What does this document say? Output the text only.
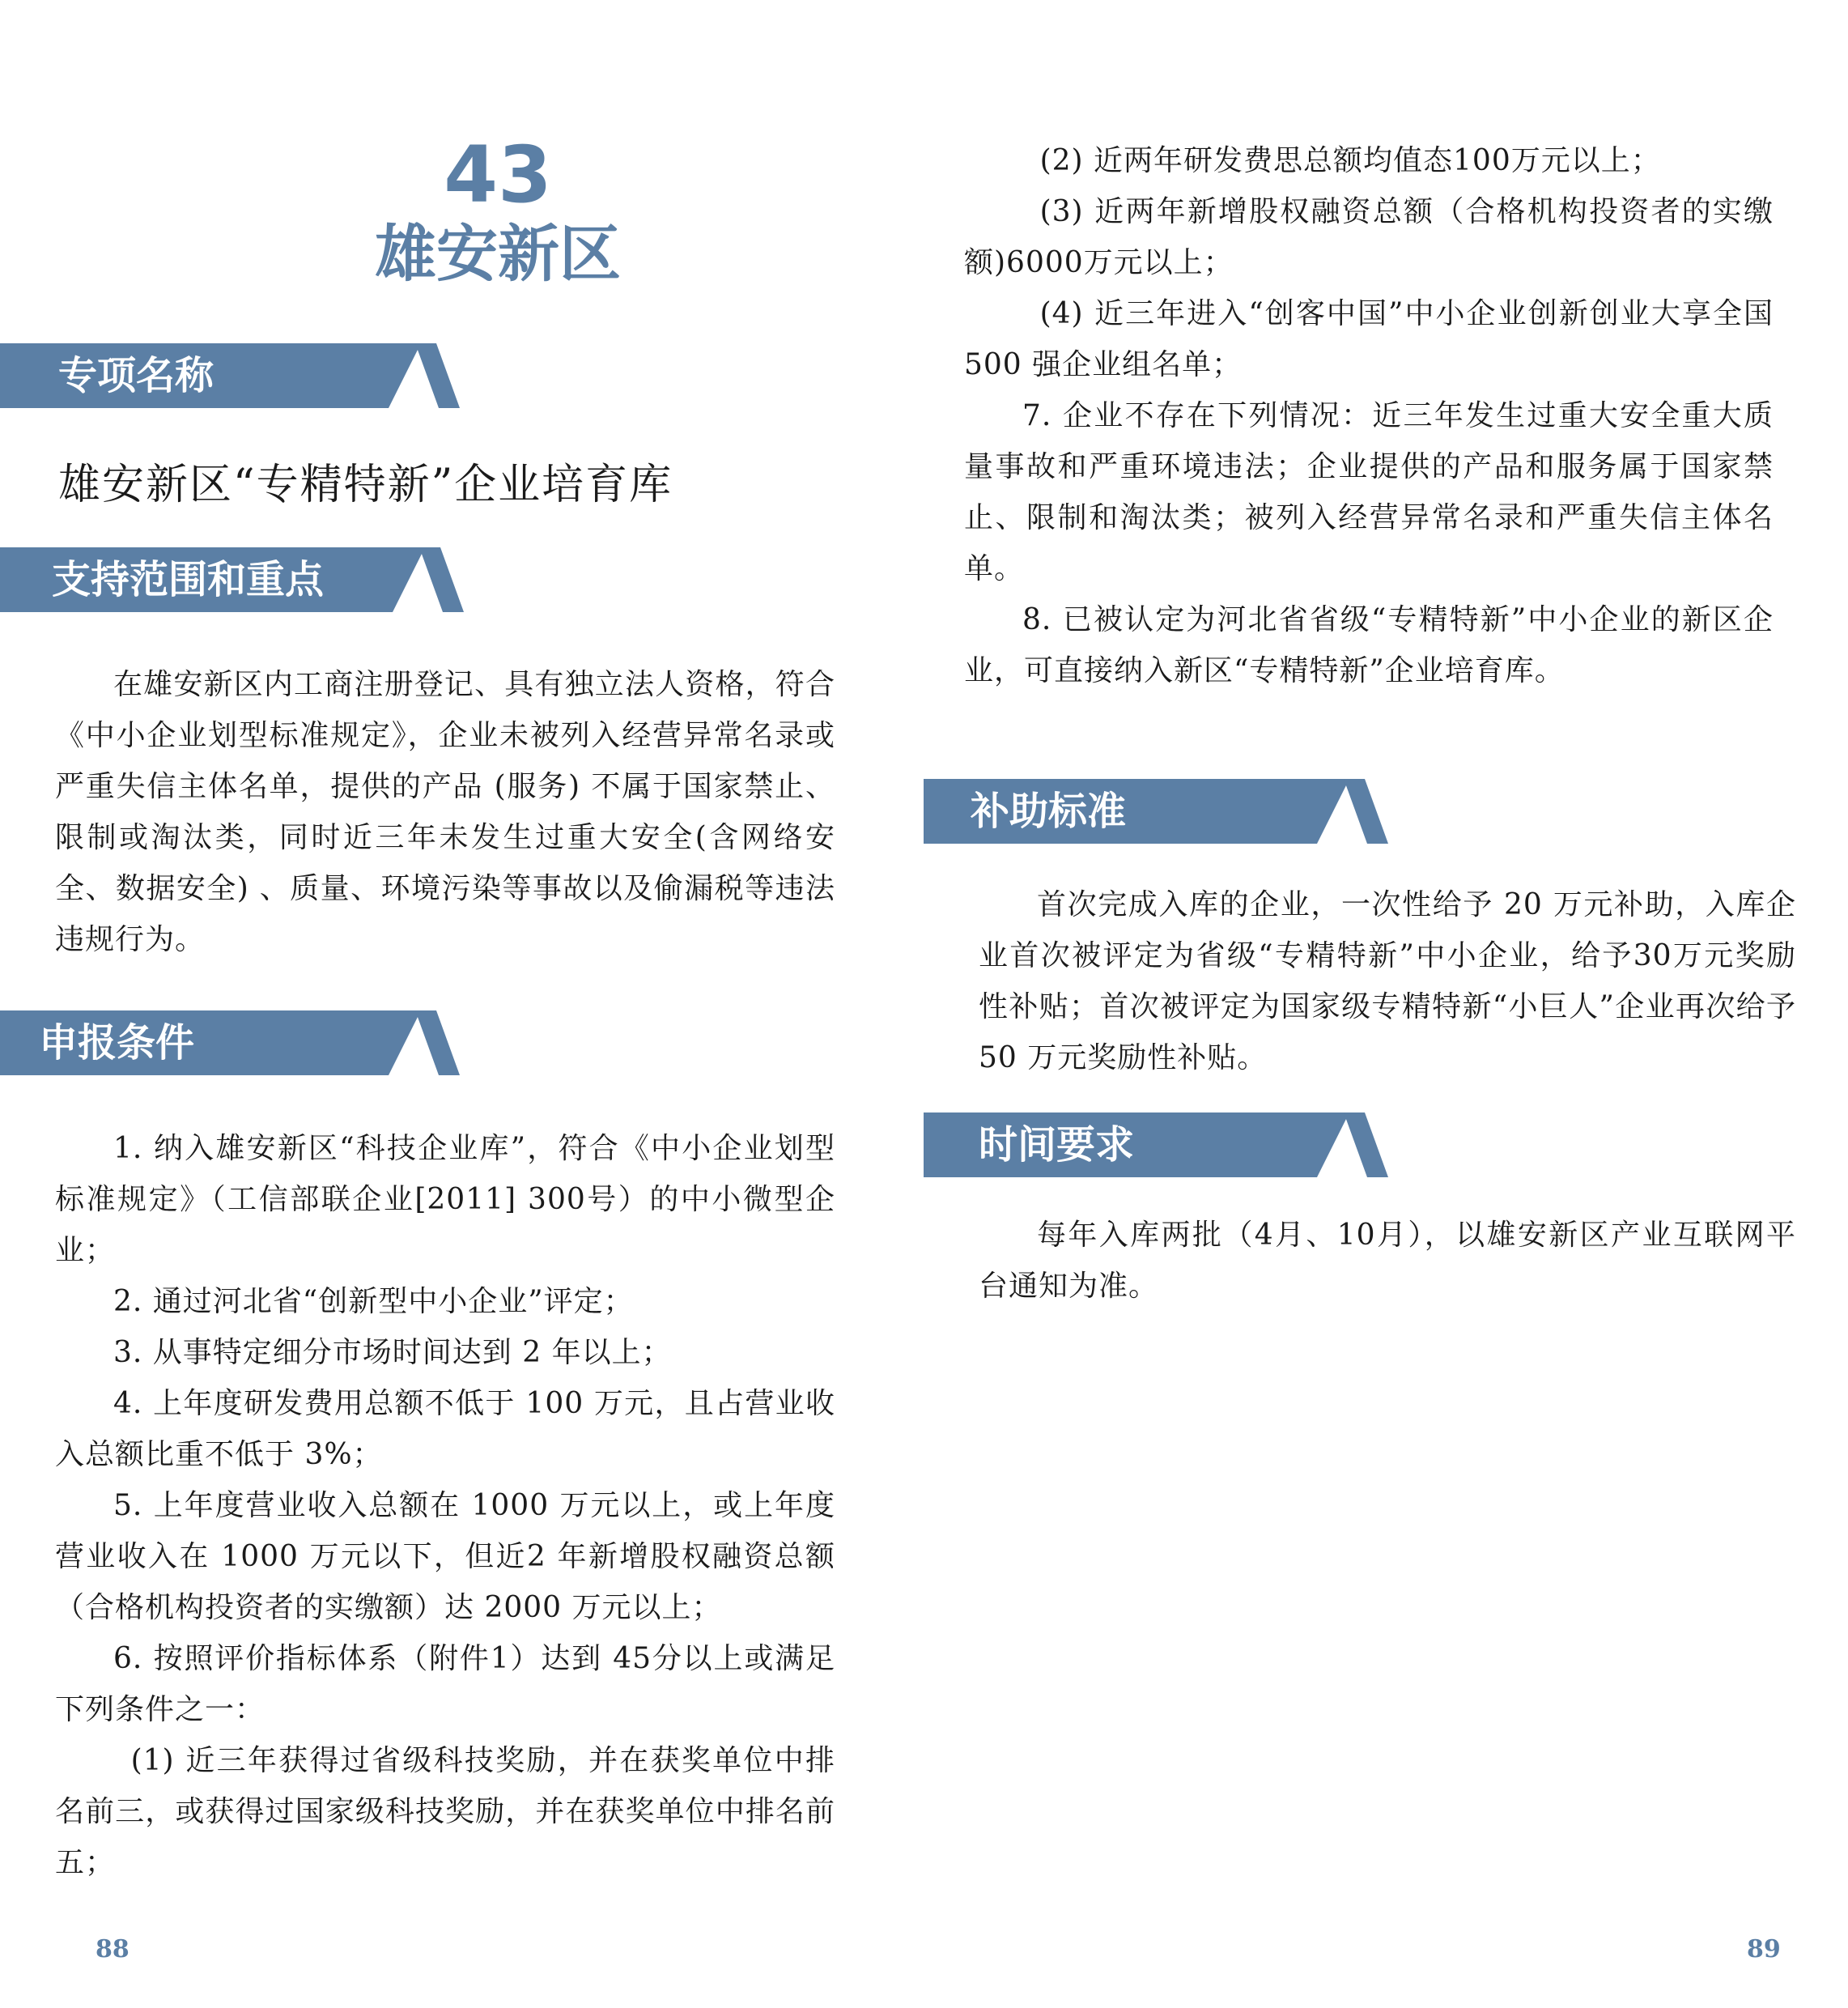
43
雄安新区
专项名称
雄安新区“专精特新”企业培育库
支持范围和重点

在雄安新区内工商注册登记、具有独立法人资格，符合《中小企业划型标准规定》，企业未被列入经营异常名录或严重失信主体名单，提供的产品 (服务) 不属于国家禁止、限制或淘汰类，同时近三年未发生过重大安全(含网络安全、数据安全) 、质量、环境污染等事故以及偷漏税等违法违规行为。

申报条件

1. 纳入雄安新区“科技企业库”，符合《中小企业划型标准规定》（工信部联企业[2011] 300号）的中小微型企业；

2. 通过河北省“创新型中小企业”评定；

3. 从事特定细分市场时间达到 2 年以上；

4. 上年度研发费用总额不低于 100 万元，且占营业收入总额比重不低于 3%；

5. 上年度营业收入总额在 1000 万元以上，或上年度营业收入在 1000 万元以下，但近2 年新增股权融资总额（合格机构投资者的实缴额）达 2000 万元以上；

6. 按照评价指标体系（附件1）达到 45分以上或满足下列条件之一：

(1) 近三年获得过省级科技奖励，并在获奖单位中排名前三，或获得过国家级科技奖励，并在获奖单位中排名前五；

88

(2) 近两年研发费思总额均值态100万元以上；

(3) 近两年新增股权融资总额（合格机构投资者的实缴额)6000万元以上；

(4) 近三年进入“创客中国”中小企业创新创业大享全国 500 强企业组名单；

7. 企业不存在下列情况：近三年发生过重大安全重大质量事故和严重环境违法；企业提供的产品和服务属于国家禁止、限制和淘汰类；被列入经营异常名录和严重失信主体名单。

8. 已被认定为河北省省级“专精特新”中小企业的新区企业，可直接纳入新区“专精特新”企业培育库。

补助标准

首次完成入库的企业，一次性给予 20 万元补助，入库企业首次被评定为省级“专精特新”中小企业，给予30万元奖励性补贴；首次被评定为国家级专精特新“小巨人”企业再次给予 50 万元奖励性补贴。

时间要求

每年入库两批（4月、10月），以雄安新区产业互联网平台通知为准。

89
